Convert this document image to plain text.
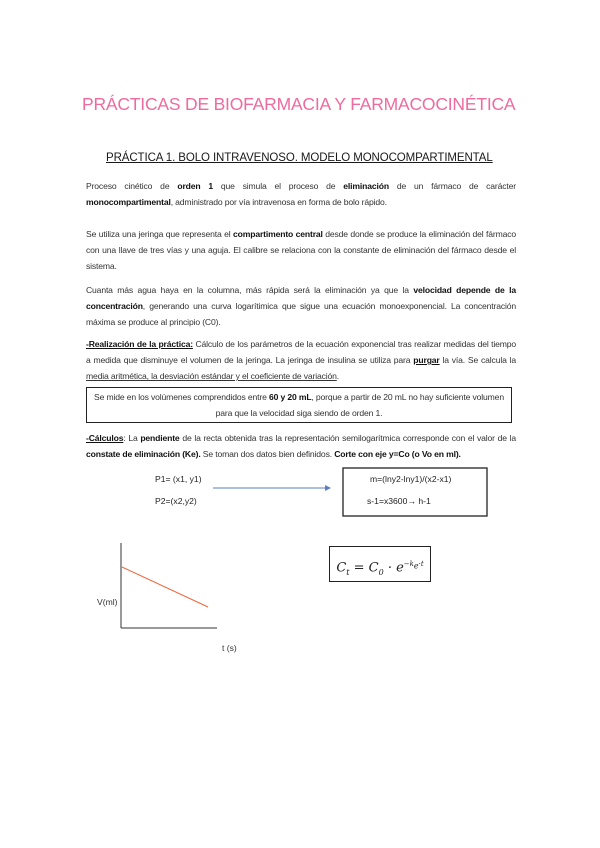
PRÁCTICAS DE BIOFARMACIA Y FARMACOCINÉTICA
PRÁCTICA 1. BOLO INTRAVENOSO. MODELO MONOCOMPARTIMENTAL
Proceso cinético de orden 1 que simula el proceso de eliminación de un fármaco de carácter monocompartimental, administrado por vía intravenosa en forma de bolo rápido.
Se utiliza una jeringa que representa el compartimento central desde donde se produce la eliminación del fármaco con una llave de tres vías y una aguja. El calibre se relaciona con la constante de eliminación del fármaco desde el sistema.
Cuanta más agua haya en la columna, más rápida será la eliminación ya que la velocidad depende de la concentración, generando una curva logarítimica que sigue una ecuación monoexponencial. La concentración máxima se produce al principio (C0).
-Realización de la práctica: Cálculo de los parámetros de la ecuación exponencial tras realizar medidas del tiempo a medida que disminuye el volumen de la jeringa. La jeringa de insulina se utiliza para purgar la vía. Se calcula la media aritmética, la desviación estándar y el coeficiente de variación.
Se mide en los volúmenes comprendidos entre 60 y 20 mL, porque a partir de 20 mL no hay suficiente volumen para que la velocidad siga siendo de orden 1.
-Cálculos: La pendiente de la recta obtenida tras la representación semilogarítmica corresponde con el valor de la constate de eliminación (Ke). Se toman dos datos bien definidos. Corte con eje y=Co (o Vo en ml).
P1= (x1, y1)
P2=(x2,y2)
m=(lny2-lny1)/(x2-x1)
s-1=x3600→ h-1
V(ml)
t (s)
$C_t = C_0 \cdot e^{-k_e\cdot t}$
